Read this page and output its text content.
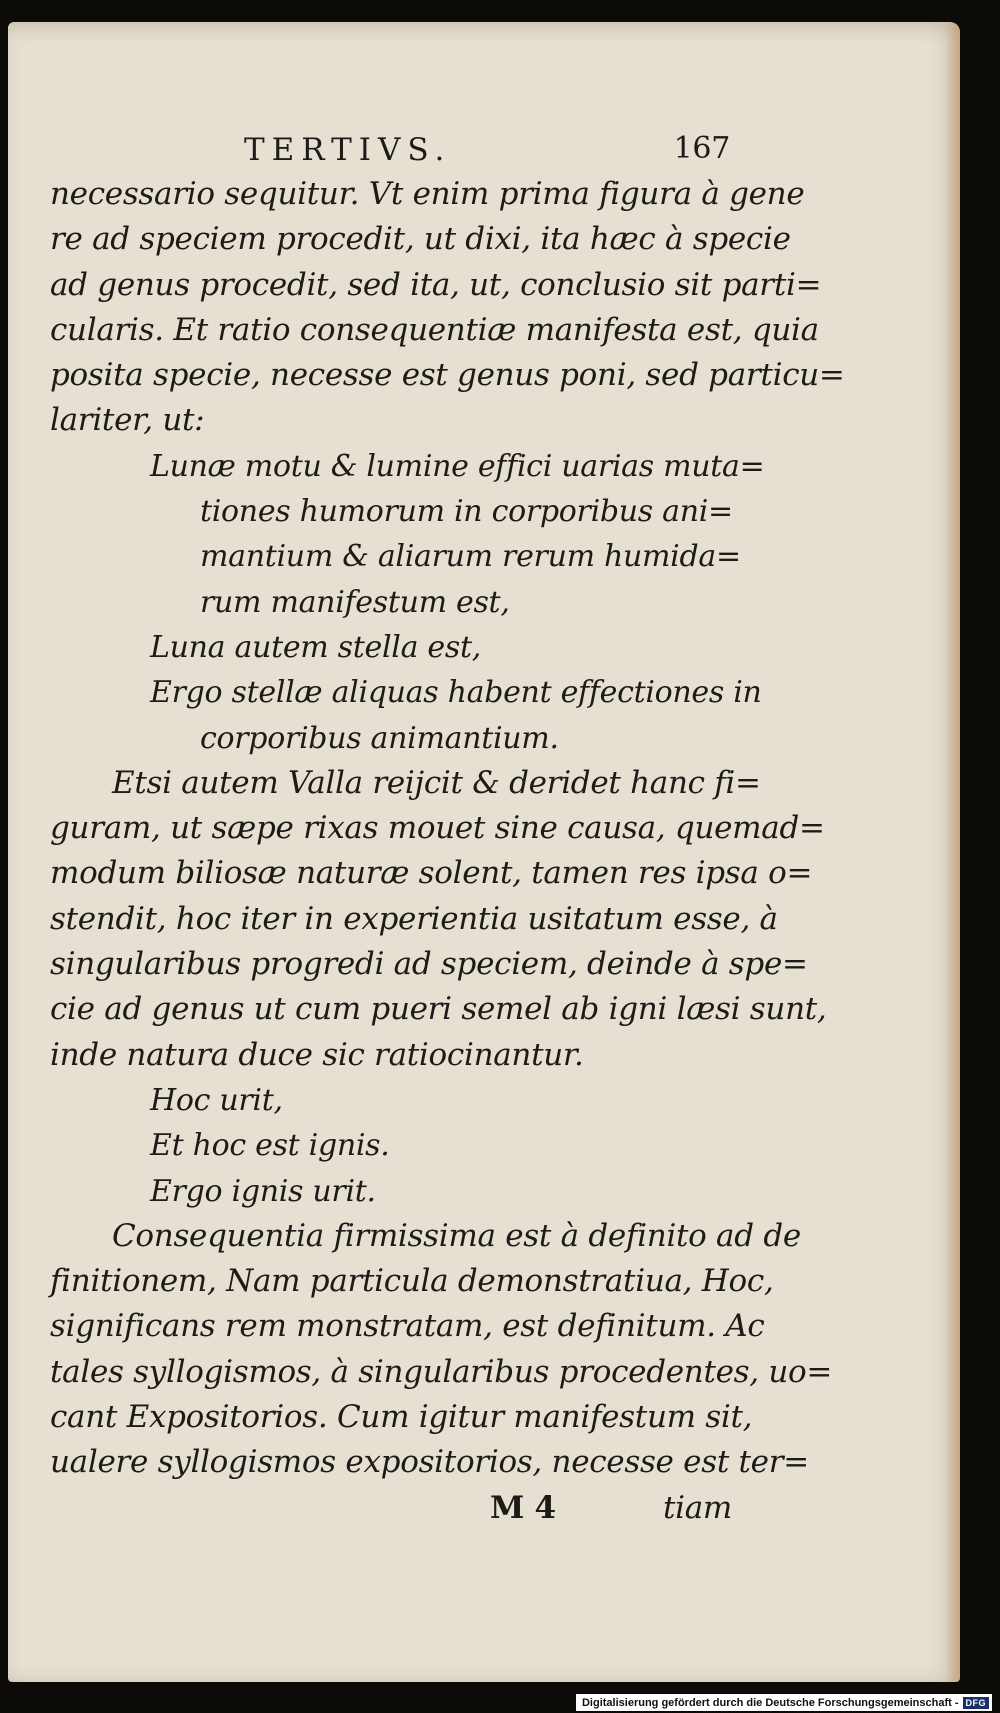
TERTIVS.	167
necessario sequitur. Vt enim prima figura à gene
re ad speciem procedit, ut dixi, ita hæc à specie
ad genus procedit, sed ita, ut, conclusio sit parti=
cularis. Et ratio consequentiæ manifesta est, quia
posita specie, necesse est genus poni, sed particu=
lariter, ut:
Lunæ motu & lumine effici uarias muta=
tiones humorum in corporibus ani=
mantium & aliarum rerum humida=
rum manifestum est,
Luna autem stella est,
Ergo stellæ aliquas habent effectiones in
corporibus animantium.
Etsi autem Valla reijcit & deridet hanc fi=
guram, ut sæpe rixas mouet sine causa, quemad=
modum biliosæ naturæ solent, tamen res ipsa o=
stendit, hoc iter in experientia usitatum esse, à
singularibus progredi ad speciem, deinde à spe=
cie ad genus ut cum pueri semel ab igni læsi sunt,
inde natura duce sic ratiocinantur.
Hoc urit,
Et hoc est ignis.
Ergo ignis urit.
Consequentia firmissima est à definito ad de
finitionem, Nam particula demonstratiua, Hoc,
significans rem monstratam, est definitum. Ac
tales syllogismos, à singularibus procedentes, uo=
cant Expositorios. Cum igitur manifestum sit,
ualere syllogismos expositorios, necesse est ter=
M 4	tiam
Digitalisierung gefördert durch die Deutsche Forschungsgemeinschaft - DFG
